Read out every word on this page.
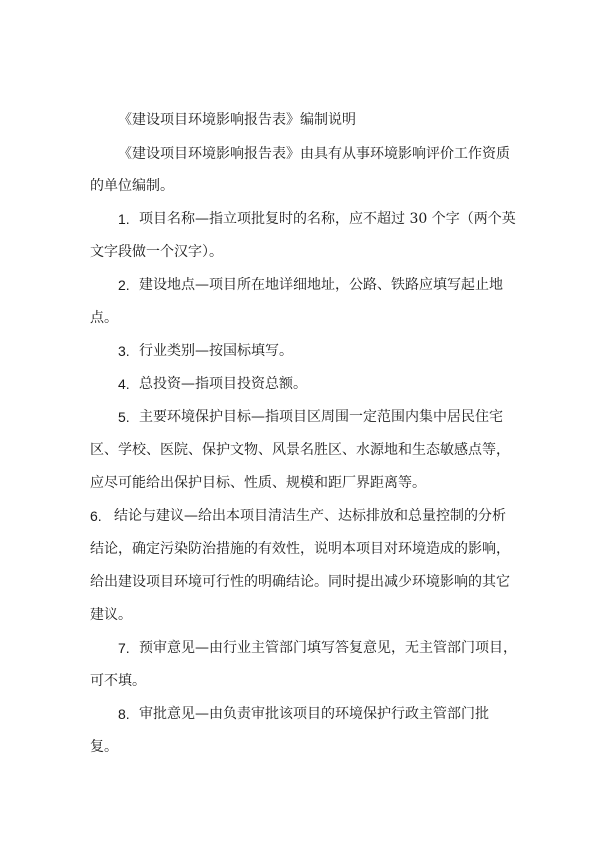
《建设项目环境影响报告表》编制说明
《建设项目环境影响报告表》由具有从事环境影响评价工作资质
的单位编制。
1. 项目名称—指立项批复时的名称，应不超过 30 个字（两个英
文字段做一个汉字）。
2. 建设地点—项目所在地详细地址，公路、铁路应填写起止地
点。
3. 行业类别—按国标填写。
4. 总投资—指项目投资总额。
5. 主要环境保护目标—指项目区周围一定范围内集中居民住宅
区、学校、医院、保护文物、风景名胜区、水源地和生态敏感点等，
应尽可能给出保护目标、性质、规模和距厂界距离等。
6. 结论与建议—给出本项目清洁生产、达标排放和总量控制的分析
结论，确定污染防治措施的有效性，说明本项目对环境造成的影响，
给出建设项目环境可行性的明确结论。同时提出减少环境影响的其它
建议。
7. 预审意见—由行业主管部门填写答复意见，无主管部门项目，
可不填。
8. 审批意见—由负责审批该项目的环境保护行政主管部门批
复。
